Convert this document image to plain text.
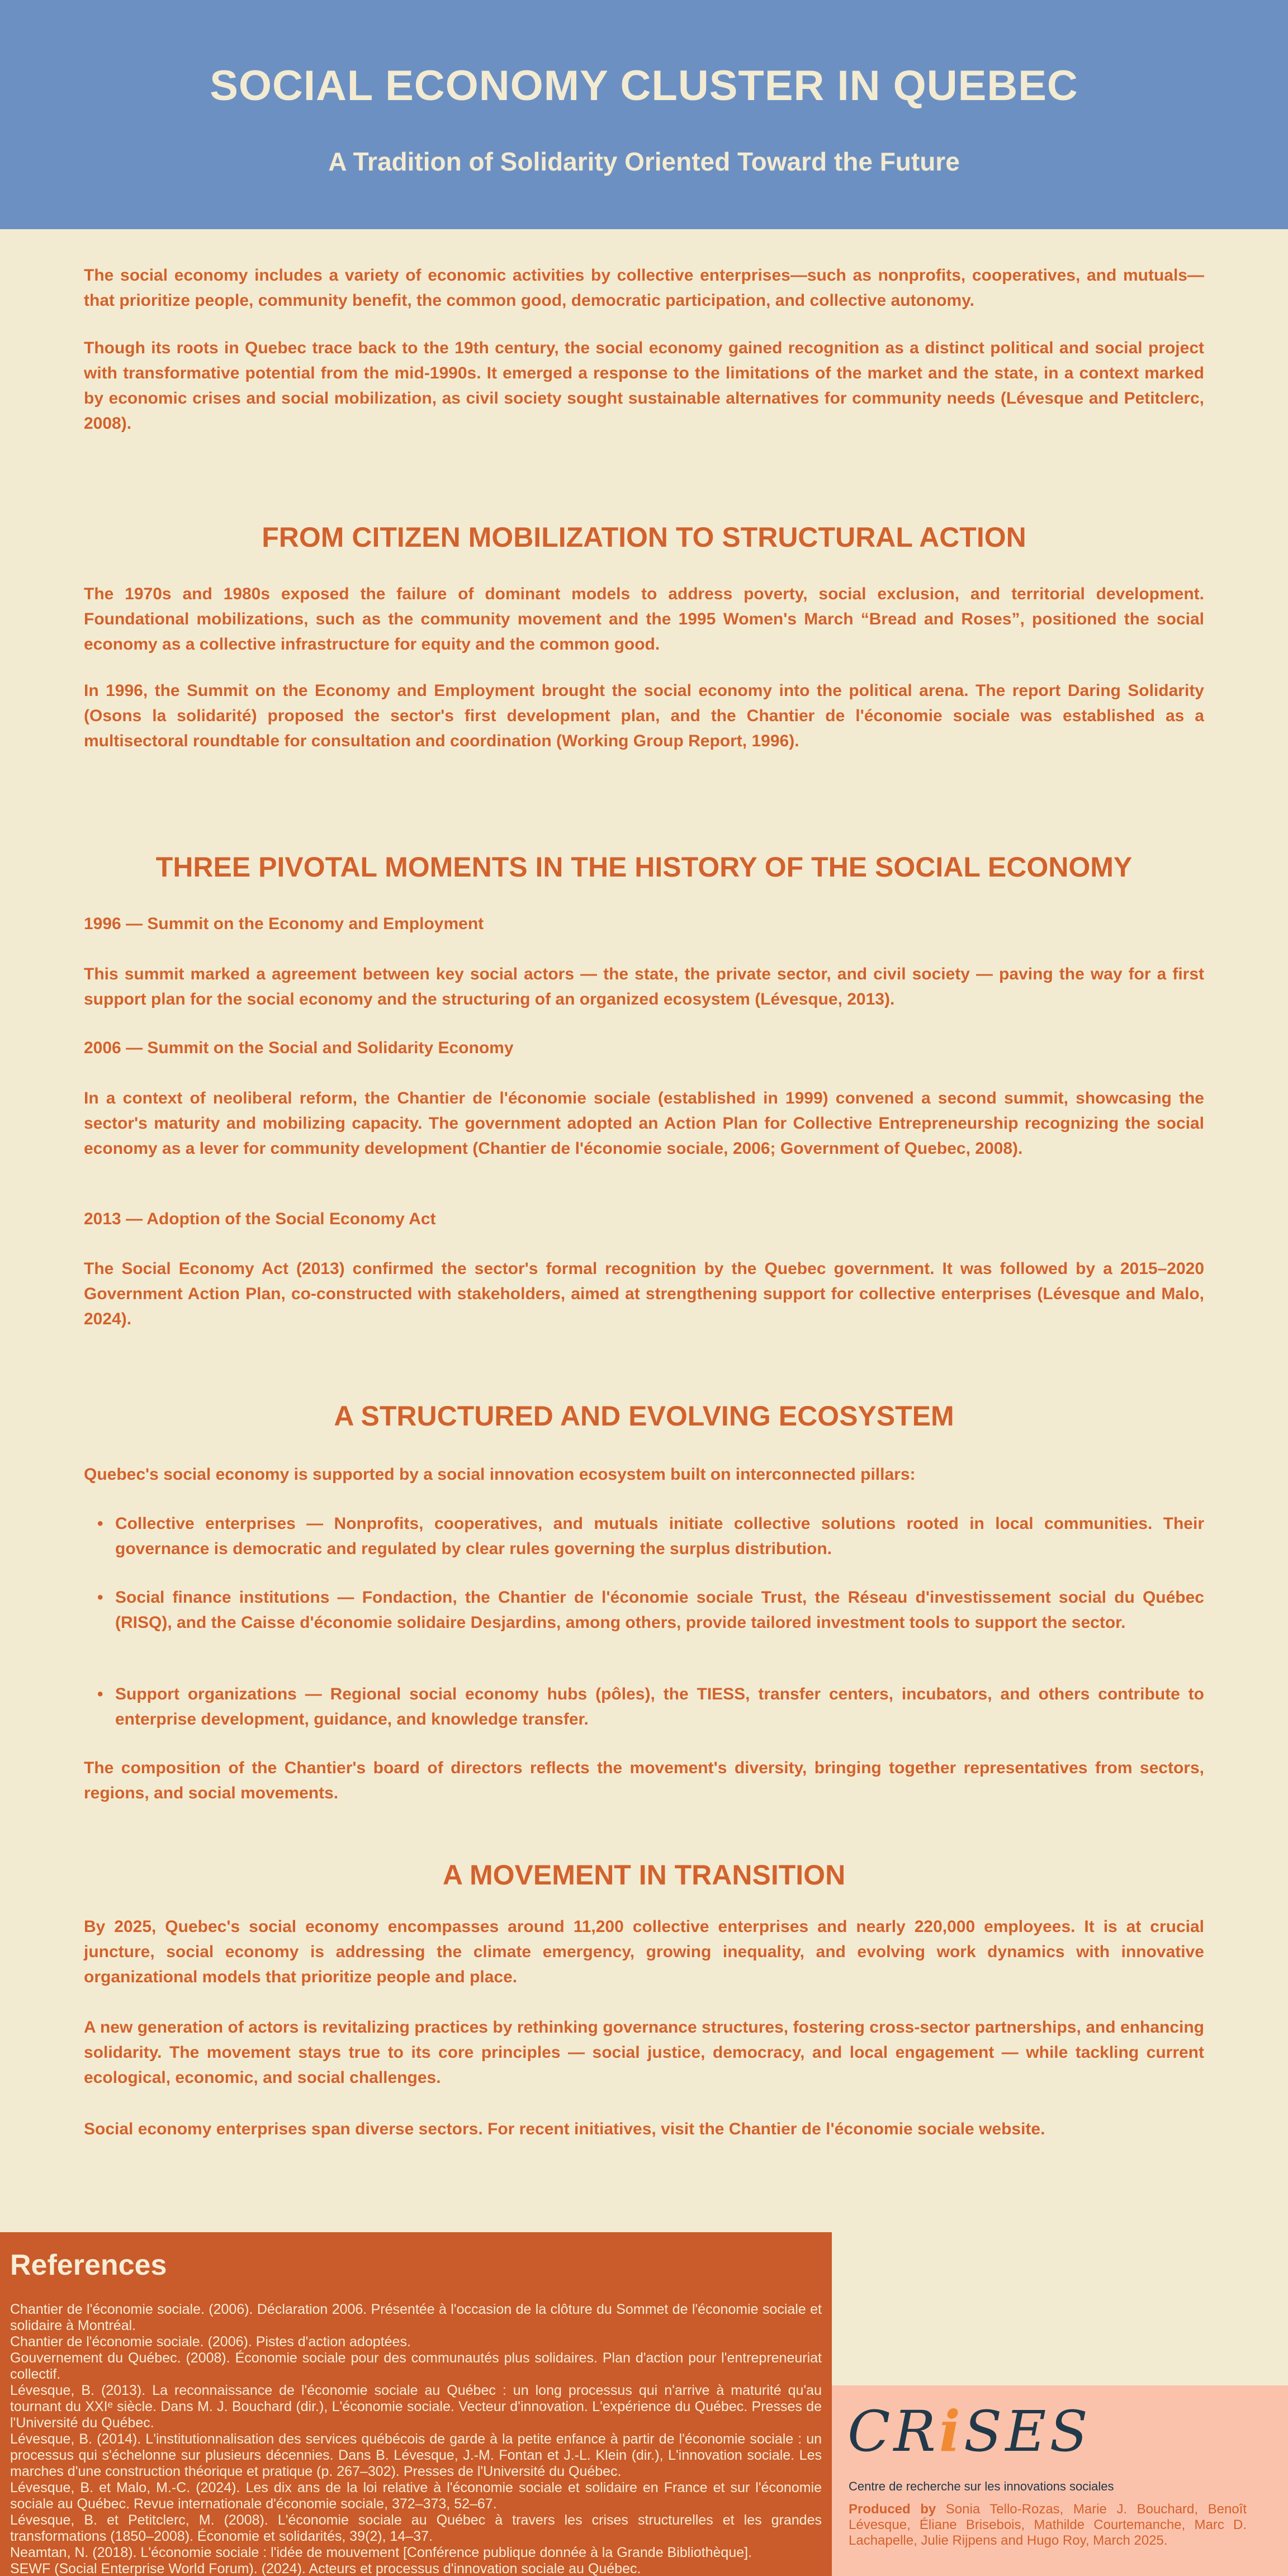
SOCIAL ECONOMY CLUSTER IN QUEBEC
A Tradition of Solidarity Oriented Toward the Future

The social economy includes a variety of economic activities by collective enterprises—such as nonprofits, cooperatives, and mutuals—that prioritize people, community benefit, the common good, democratic participation, and collective autonomy.

Though its roots in Quebec trace back to the 19th century, the social economy gained recognition as a distinct political and social project with transformative potential from the mid-1990s. It emerged a response to the limitations of the market and the state, in a context marked by economic crises and social mobilization, as civil society sought sustainable alternatives for community needs (Lévesque and Petitclerc, 2008).

FROM CITIZEN MOBILIZATION TO STRUCTURAL ACTION

The 1970s and 1980s exposed the failure of dominant models to address poverty, social exclusion, and territorial development. Foundational mobilizations, such as the community movement and the 1995 Women's March “Bread and Roses”, positioned the social economy as a collective infrastructure for equity and the common good.

In 1996, the Summit on the Economy and Employment brought the social economy into the political arena. The report Daring Solidarity (Osons la solidarité) proposed the sector's first development plan, and the Chantier de l'économie sociale was established as a multisectoral roundtable for consultation and coordination (Working Group Report, 1996).

THREE PIVOTAL MOMENTS IN THE HISTORY OF THE SOCIAL ECONOMY

1996 — Summit on the Economy and Employment

This summit marked a agreement between key social actors — the state, the private sector, and civil society — paving the way for a first support plan for the social economy and the structuring of an organized ecosystem (Lévesque, 2013).

2006 — Summit on the Social and Solidarity Economy

In a context of neoliberal reform, the Chantier de l'économie sociale (established in 1999) convened a second summit, showcasing the sector's maturity and mobilizing capacity. The government adopted an Action Plan for Collective Entrepreneurship recognizing the social economy as a lever for community development (Chantier de l'économie sociale, 2006; Government of Quebec, 2008).

2013 — Adoption of the Social Economy Act

The Social Economy Act (2013) confirmed the sector's formal recognition by the Quebec government. It was followed by a 2015–2020 Government Action Plan, co-constructed with stakeholders, aimed at strengthening support for collective enterprises (Lévesque and Malo, 2024).

A STRUCTURED AND EVOLVING ECOSYSTEM

Quebec's social economy is supported by a social innovation ecosystem built on interconnected pillars:

• Collective enterprises — Nonprofits, cooperatives, and mutuals initiate collective solutions rooted in local communities. Their governance is democratic and regulated by clear rules governing the surplus distribution.

• Social finance institutions — Fondaction, the Chantier de l'économie sociale Trust, the Réseau d'investissement social du Québec (RISQ), and the Caisse d'économie solidaire Desjardins, among others, provide tailored investment tools to support the sector.

• Support organizations — Regional social economy hubs (pôles), the TIESS, transfer centers, incubators, and others contribute to enterprise development, guidance, and knowledge transfer.

The composition of the Chantier's board of directors reflects the movement's diversity, bringing together representatives from sectors, regions, and social movements.

A MOVEMENT IN TRANSITION

By 2025, Quebec's social economy encompasses around 11,200 collective enterprises and nearly 220,000 employees. It is at crucial juncture, social economy is addressing the climate emergency, growing inequality, and evolving work dynamics with innovative organizational models that prioritize people and place.

A new generation of actors is revitalizing practices by rethinking governance structures, fostering cross-sector partnerships, and enhancing solidarity. The movement stays true to its core principles — social justice, democracy, and local engagement — while tackling current ecological, economic, and social challenges.

Social economy enterprises span diverse sectors. For recent initiatives, visit the Chantier de l'économie sociale website.

References

Chantier de l'économie sociale. (2006). Déclaration 2006. Présentée à l'occasion de la clôture du Sommet de l'économie sociale et solidaire à Montréal.

Chantier de l'économie sociale. (2006). Pistes d'action adoptées.

Gouvernement du Québec. (2008). Économie sociale pour des communautés plus solidaires. Plan d'action pour l'entrepreneuriat collectif.

Lévesque, B. (2013). La reconnaissance de l'économie sociale au Québec : un long processus qui n'arrive à maturité qu'au tournant du XXIᵉ siècle. Dans M. J. Bouchard (dir.), L'économie sociale. Vecteur d'innovation. L'expérience du Québec. Presses de l'Université du Québec.

Lévesque, B. (2014). L'institutionnalisation des services québécois de garde à la petite enfance à partir de l'économie sociale : un processus qui s'échelonne sur plusieurs décennies. Dans B. Lévesque, J.-M. Fontan et J.-L. Klein (dir.), L'innovation sociale. Les marches d'une construction théorique et pratique (p. 267–302). Presses de l'Université du Québec.

Lévesque, B. et Malo, M.-C. (2024). Les dix ans de la loi relative à l'économie sociale et solidaire en France et sur l'économie sociale au Québec. Revue internationale d'économie sociale, 372–373, 52–67.

Lévesque, B. et Petitclerc, M. (2008). L'économie sociale au Québec à travers les crises structurelles et les grandes transformations (1850–2008). Économie et solidarités, 39(2), 14–37.

Neamtan, N. (2018). L'économie sociale : l'idée de mouvement [Conférence publique donnée à la Grande Bibliothèque].

SEWF (Social Enterprise World Forum). (2024). Acteurs et processus d'innovation sociale au Québec.

CRiSES

Centre de recherche sur les innovations sociales

Produced by Sonia Tello-Rozas, Marie J. Bouchard, Benoît Lévesque, Éliane Brisebois, Mathilde Courtemanche, Marc D. Lachapelle, Julie Rijpens and Hugo Roy, March 2025.
